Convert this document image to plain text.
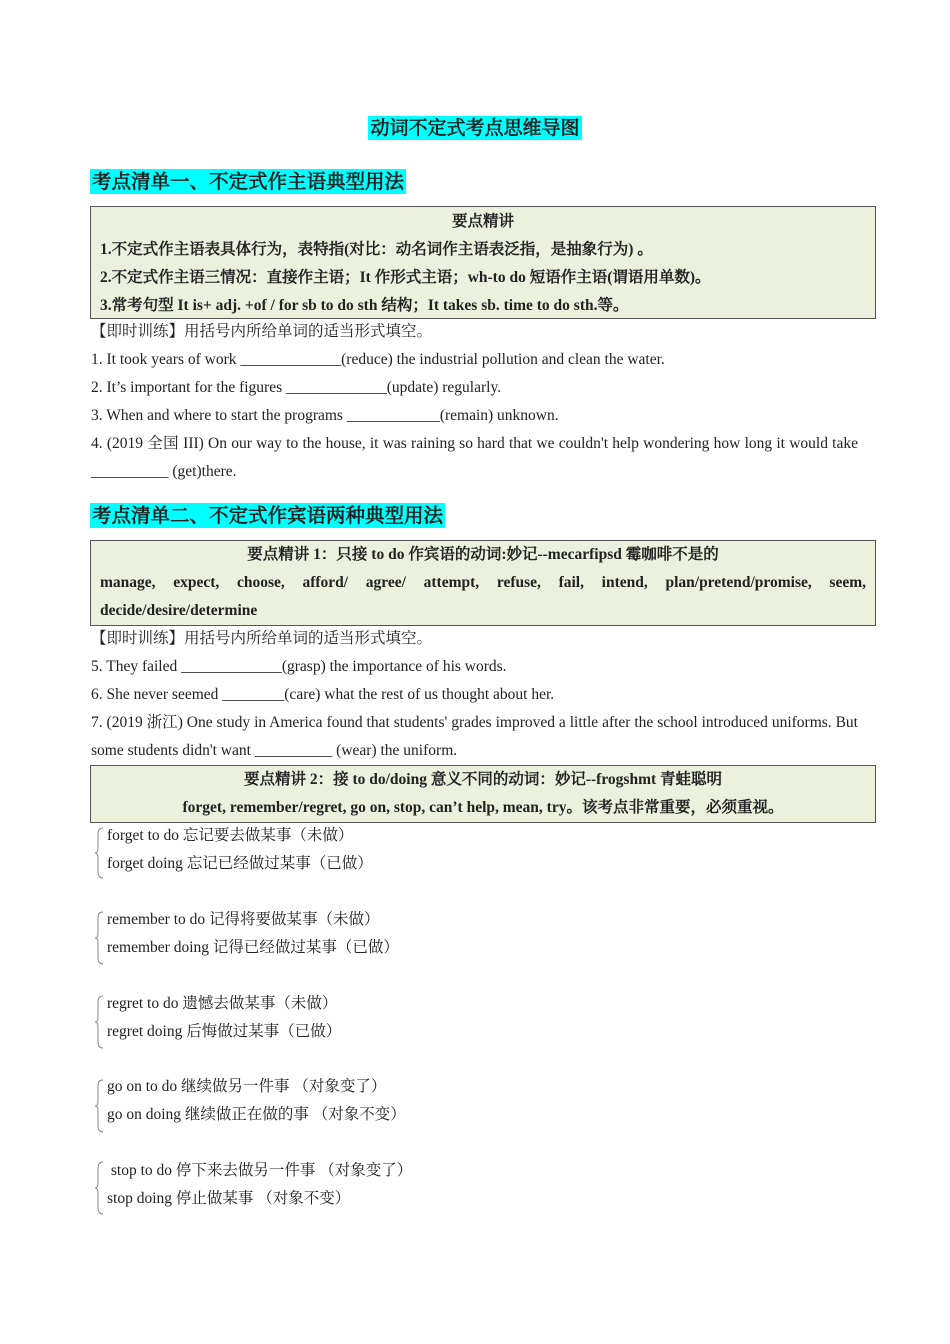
动词不定式考点思维导图
考点清单一、不定式作主语典型用法
要点精讲
1.不定式作主语表具体行为，表特指(对比：动名词作主语表泛指，是抽象行为) 。
2.不定式作主语三情况：直接作主语；It 作形式主语；wh-to do 短语作主语(谓语用单数)。
3.常考句型 It is+ adj. +of / for sb to do sth 结构；It takes sb. time to do sth.等。
【即时训练】用括号内所给单词的适当形式填空。
1. It took years of work _____________(reduce) the industrial pollution and clean the water.
2. It’s important for the figures _____________(update) regularly.
3. When and where to start the programs ____________(remain) unknown.
4. (2019 全国 III) On our way to the house, it was raining so hard that we couldn't help wondering how long it would take __________ (get)there.
考点清单二、不定式作宾语两种典型用法
要点精讲 1：只接 to do 作宾语的动词:妙记--mecarfipsd 霉咖啡不是的
manage, expect, choose, afford/ agree/ attempt, refuse, fail, intend, plan/pretend/promise, seem, decide/desire/determine
【即时训练】用括号内所给单词的适当形式填空。
5. They failed _____________(grasp) the importance of his words.
6. She never seemed ________(care) what the rest of us thought about her.
7. (2019 浙江) One study in America found that students' grades improved a little after the school introduced uniforms. But some students didn't want __________ (wear) the uniform.
要点精讲 2：接 to do/doing 意义不同的动词：妙记--frogshmt 青蛙聪明
forget, remember/regret, go on, stop, can’t help, mean, try。该考点非常重要，必须重视。
forget to do 忘记要去做某事（未做）
forget doing 忘记已经做过某事（已做）
remember to do 记得将要做某事（未做）
remember doing 记得已经做过某事（已做）
regret to do 遗憾去做某事（未做）
regret doing 后悔做过某事（已做）
go on to do 继续做另一件事 （对象变了）
go on doing 继续做正在做的事 （对象不变）
stop to do 停下来去做另一件事 （对象变了）
stop doing 停止做某事 （对象不变）
